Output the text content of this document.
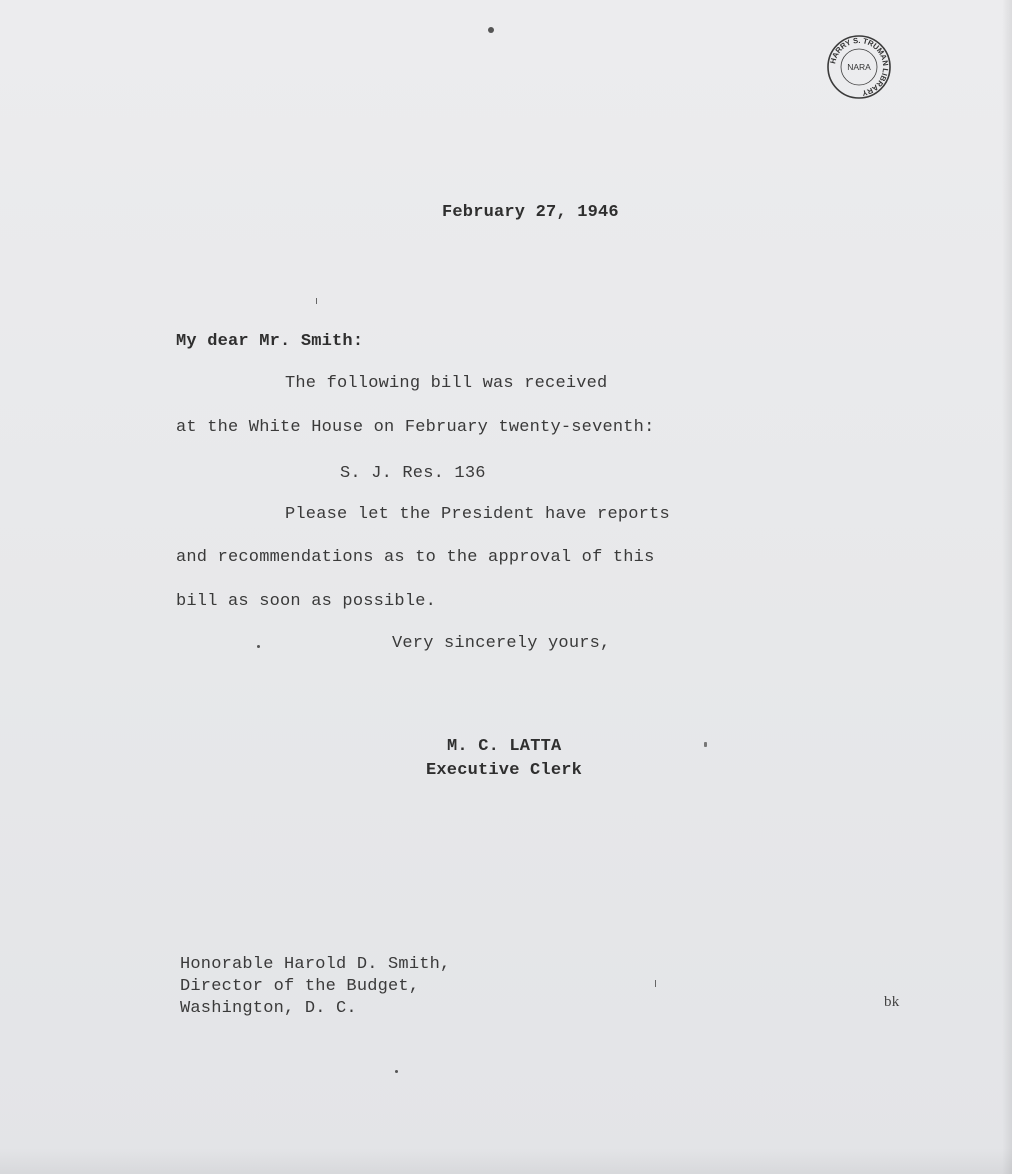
HARRY S. TRUMAN LIBRARY
NARA
February 27, 1946
My dear Mr. Smith:
The following bill was received
at the White House on February twenty-seventh:
S. J. Res. 136
Please let the President have reports
and recommendations as to the approval of this
bill as soon as possible.
Very sincerely yours,
M. C. LATTA
Executive Clerk
Honorable Harold D. Smith,
Director of the Budget,
Washington, D. C.	bk
